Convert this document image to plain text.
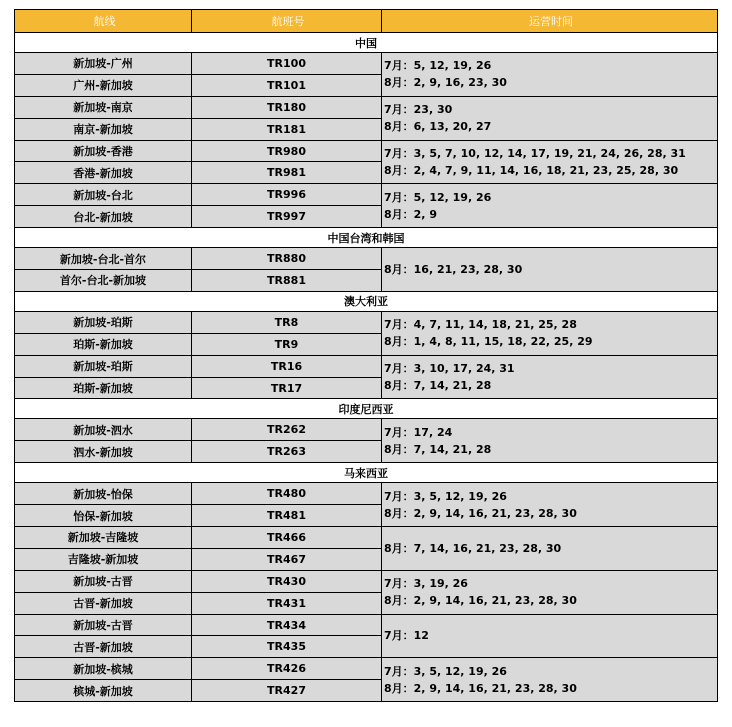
航线	航班号	运营时间
中国		
新加坡-广州	TR100	7月：5, 12, 19, 26
8月：2, 9, 16, 23, 30

广州-新加坡	TR101	
新加坡-南京	TR180	7月：23, 30
8月：6, 13, 20, 27

南京-新加坡	TR181	
新加坡-香港	TR980	7月：3, 5, 7, 10, 12, 14, 17, 19, 21, 24, 26, 28, 31
8月：2, 4, 7, 9, 11, 14, 16, 18, 21, 23, 25, 28, 30

香港-新加坡	TR981	
新加坡-台北	TR996	7月：5, 12, 19, 26
8月：2, 9

台北-新加坡	TR997	
中国台湾和韩国		
新加坡-台北-首尔	TR880	8月：16, 21, 23, 28, 30

首尔-台北-新加坡	TR881	
澳大利亚		
新加坡-珀斯	TR8	7月：4, 7, 11, 14, 18, 21, 25, 28
8月：1, 4, 8, 11, 15, 18, 22, 25, 29

珀斯-新加坡	TR9	
新加坡-珀斯	TR16	7月：3, 10, 17, 24, 31
8月：7, 14, 21, 28

珀斯-新加坡	TR17	
印度尼西亚		
新加坡-泗水	TR262	7月：17, 24
8月：7, 14, 21, 28

泗水-新加坡	TR263	
马来西亚		
新加坡-怡保	TR480	7月：3, 5, 12, 19, 26
8月：2, 9, 14, 16, 21, 23, 28, 30

怡保-新加坡	TR481	
新加坡-吉隆坡	TR466	8月：7, 14, 16, 21, 23, 28, 30

吉隆坡-新加坡	TR467	
新加坡-古晋	TR430	7月：3, 19, 26
8月：2, 9, 14, 16, 21, 23, 28, 30

古晋-新加坡	TR431	
新加坡-古晋	TR434	7月：12

古晋-新加坡	TR435	
新加坡-槟城	TR426	7月：3, 5, 12, 19, 26
8月：2, 9, 14, 16, 21, 23, 28, 30

槟城-新加坡	TR427	
